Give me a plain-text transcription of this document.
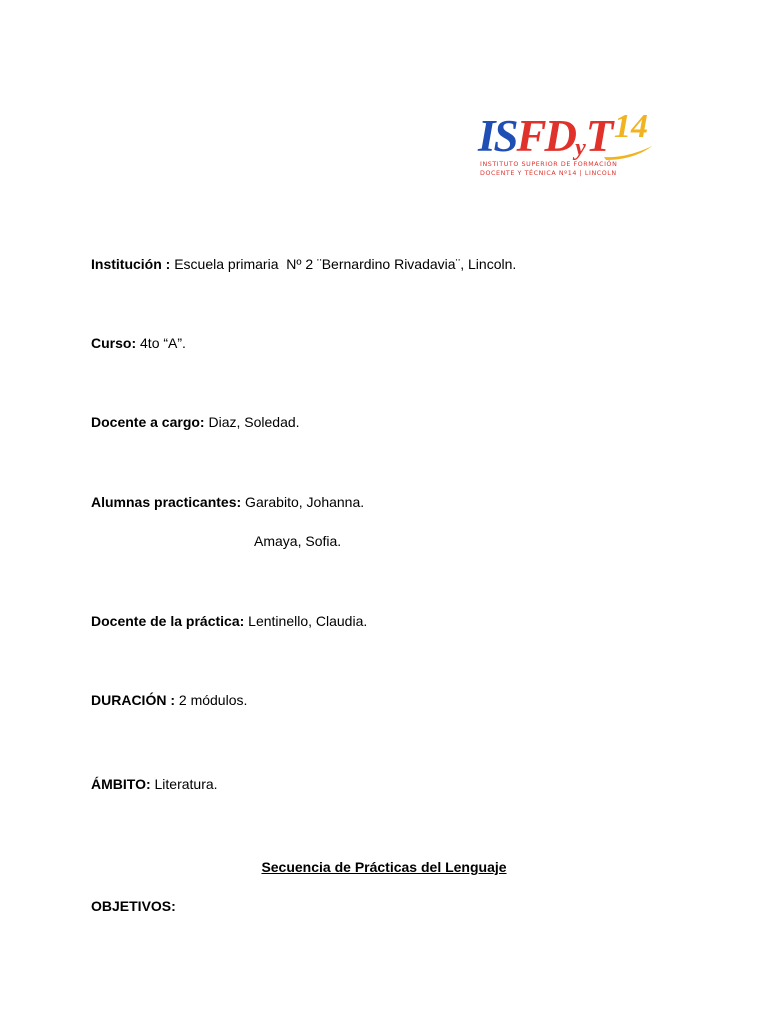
ISFDyT 14
INSTITUTO SUPERIOR DE FORMACIÓN
DOCENTE Y TÉCNICA Nº14 | LINCOLN

Institución : Escuela primaria  Nº 2 ¨Bernardino Rivadavia¨, Lincoln.

Curso: 4to “A”.

Docente a cargo: Diaz, Soledad.

Alumnas practicantes: Garabito, Johanna.

Amaya, Sofia.

Docente de la práctica: Lentinello, Claudia.

DURACIÓN : 2 módulos.

ÁMBITO: Literatura.

Secuencia de Prácticas del Lenguaje
OBJETIVOS:
